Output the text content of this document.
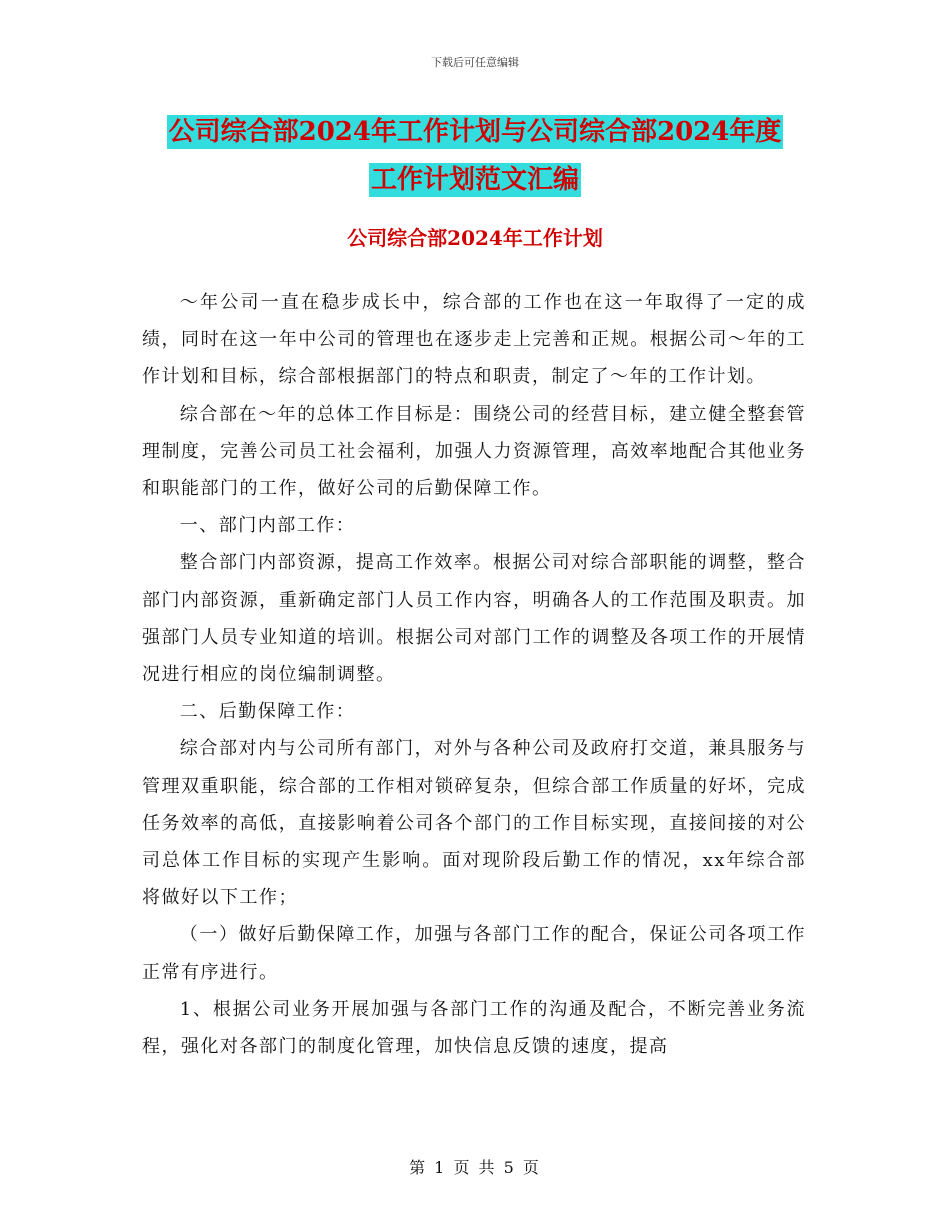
下载后可任意编辑
公司综合部2024年工作计划与公司综合部2024年度
工作计划范文汇编
公司综合部2024年工作计划

～年公司一直在稳步成长中，综合部的工作也在这一年取得了一定的成绩，同时在这一年中公司的管理也在逐步走上完善和正规。根据公司～年的工作计划和目标，综合部根据部门的特点和职责，制定了～年的工作计划。

综合部在～年的总体工作目标是：围绕公司的经营目标，建立健全整套管理制度，完善公司员工社会福利，加强人力资源管理，高效率地配合其他业务和职能部门的工作，做好公司的后勤保障工作。

一、部门内部工作：

整合部门内部资源，提高工作效率。根据公司对综合部职能的调整，整合部门内部资源，重新确定部门人员工作内容，明确各人的工作范围及职责。加强部门人员专业知道的培训。根据公司对部门工作的调整及各项工作的开展情况进行相应的岗位编制调整。

二、后勤保障工作：

综合部对内与公司所有部门，对外与各种公司及政府打交道，兼具服务与管理双重职能，综合部的工作相对锁碎复杂，但综合部工作质量的好坏，完成任务效率的高低，直接影响着公司各个部门的工作目标实现，直接间接的对公司总体工作目标的实现产生影响。面对现阶段后勤工作的情况，xx年综合部将做好以下工作；

（一）做好后勤保障工作，加强与各部门工作的配合，保证公司各项工作正常有序进行。

1、根据公司业务开展加强与各部门工作的沟通及配合，不断完善业务流程，强化对各部门的制度化管理，加快信息反馈的速度，提高

第 1 页 共 5 页
